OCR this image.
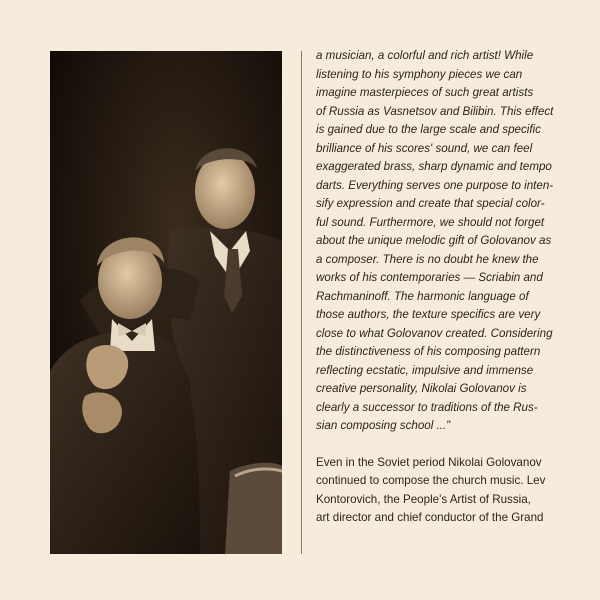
a musician, a colorful and rich artist! While
listening to his symphony pieces we can
imagine masterpieces of such great artists
of Russia as Vasnetsov and Bilibin. This effect
is gained due to the large scale and specific
brilliance of his scores' sound, we can feel
exaggerated brass, sharp dynamic and tempo
darts. Everything serves one purpose to inten-
sify expression and create that special color-
ful sound. Furthermore, we should not forget
about the unique melodic gift of Golovanov as
a composer. There is no doubt he knew the
works of his contemporaries — Scriabin and
Rachmaninoff. The harmonic language of
those authors, the texture specifics are very
close to what Golovanov created. Considering
the distinctiveness of his composing pattern
reflecting ecstatic, impulsive and immense
creative personality, Nikolai Golovanov is
clearly a successor to traditions of the Rus-
sian composing school ..."

Even in the Soviet period Nikolai Golovanov
continued to compose the church music. Lev
Kontorovich, the People's Artist of Russia,
art director and chief conductor of the Grand
